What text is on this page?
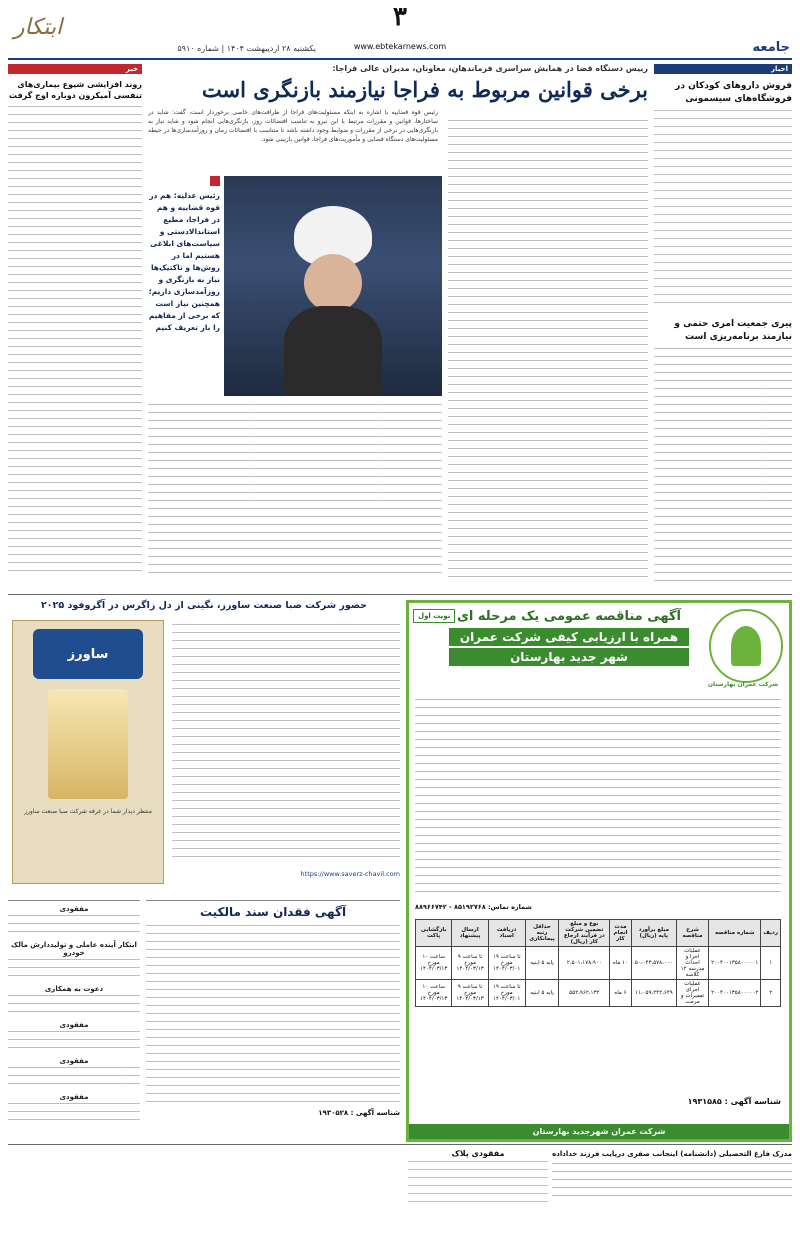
ابتکار
یکشنبه ۲۸ اردیبهشت ۱۴۰۴ | شماره ۵۹۱۰
۳
www.ebtekarnews.com	جامعه
اخبار
فروش داروهای کودکان در فروشگاه‌های سیسمونی
پیری جمعیت امری حتمی و نیازمند برنامه‌ریزی است
رییس دستگاه قضا در همایش سراسری فرماندهان، معاونان، مدیران عالی فراجا:
برخی قوانین مربوط به فراجا نیازمند بازنگری است
رئیس قوه قضاییه با اشاره به اینکه مسئولیت‌های فراجا از ظرافت‌های خاصی برخوردار است، گفت: شاید در ساختارها، قوانین و مقررات مرتبط با این نیرو به تناسب اقتضائات روز، بازنگری‌هایی انجام شود و شاید نیاز به بازنگری‌هایی در برخی از مقررات و ضوابط وجود داشته باشد تا متناسب با اقتضائات زمان و روزآمدسازی‌ها در حیطه مسئولیت‌های دستگاه قضایی و مأموریت‌های فراجا، قوانین بازبینی شود.
رئیس عدلیه: هم در قوه قضاییه و هم در فراجا، مطیع استاندالادستی و سیاست‌های ابلاغی هستیم اما در روش‌ها و تاکتیک‌ها نیاز به بازنگری و روزآمدسازی داریم؛ همچنین نیاز است که برخی از مفاهیم را باز تعریف کنیم
خبر
روند افزایشی شیوع بیماری‌های تنفسی آمیکرون دوباره اوج گرفت
شرکت عمران بهارستان
آگهی مناقصه عمومی یک مرحله ای
همراه با ارزیابی کیفی شرکت عمران
شهر جدید بهارستان
نوبت اول
شماره تماس: ۸۵۱۹۲۷۶۸ - ۸۸۹۶۶۷۴۲
ردیف	شماره مناقصه	شرح مناقصه	مبلغ برآورد پایه (ریال)	مدت انجام کار	نوع و مبلغ تضمین شرکت در فرآیند ارجاع کار (ریال)	حداقل رتبه پیمانکاری	دریافت اسناد	ارسال پیشنهاد	بازگشایی پاکت
۱	۲۰۰۴۰۰۱۳۵۸۰۰۰۰۰۱	عملیات اجرا و احداث مدرسه ۱۲ کلاسه	۵۰،۰۴۳،۵۷۸،۰۰۰	۱۰ ماه	۲،۵۰۱،۱۷۸،۹۰۰	پایه ۵ ابنیه	تا ساعت ۱۹ مورخ ۱۴۰۴/۰۳/۰۱	تا ساعت ۹ مورخ ۱۴۰۴/۰۳/۱۳	ساعت ۱۰ مورخ ۱۴۰۴/۰۳/۱۳
۲	۲۰۰۴۰۰۱۳۵۸۰۰۰۰۰۲	عملیات اجرای تعمیرات و مرمت	۱۱،۰۵۹،۲۴۲،۶۴۹	۶ ماه	۵۵۲،۹۶۲،۱۳۲	پایه ۵ ابنیه	تا ساعت ۱۹ مورخ ۱۴۰۴/۰۳/۰۱	تا ساعت ۹ مورخ ۱۴۰۴/۰۳/۱۳	ساعت ۱۰ مورخ ۱۴۰۴/۰۳/۱۳
شناسه آگهی : ۱۹۳۱۵۸۵
شرکت عمران شهرجدید بهارستان
حضور شرکت صبا صنعت ساورز، نگینی از دل زاگرس در آگروفود ۲۰۲۵
ساورز
منتظر دیدار شما در غرفه شرکت صبا صنعت ساورز
https://www.saverz-chavil.com
آگهی فقدان سند مالکیت
شناسه آگهی : ۱۹۳۰۵۲۸
مفقودی
ابتکار آینده عاملی و تولیددارش مالک خودرو
دعوت به همکاری
مفقودی
مفقودی
مفقودی
مدرک فارغ التحصیلی (دانشنامه) اینجانب صفری درپایب فرزند خداداده
مفقودی پلاک
